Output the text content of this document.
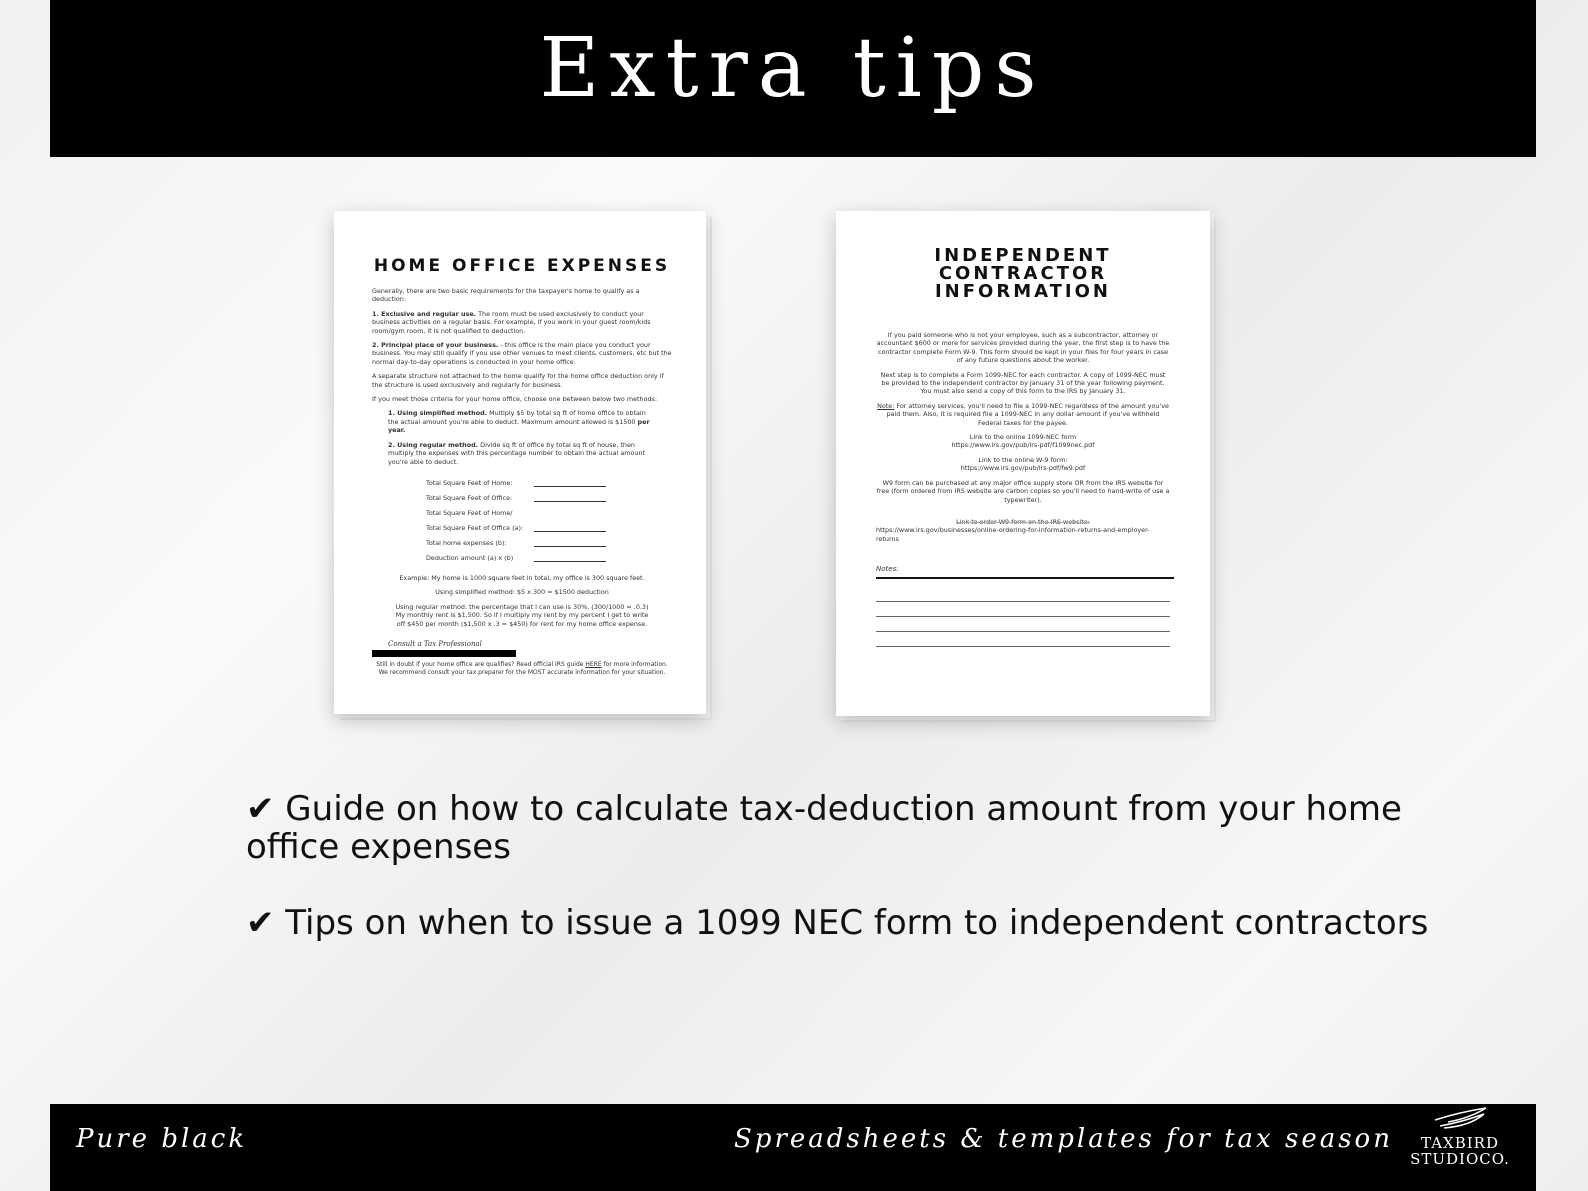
Extra tips
HOME OFFICE EXPENSES

Generally, there are two basic requirements for the taxpayer's home to qualify as a deduction:

1. Exclusive and regular use. The room must be used exclusively to conduct your business activities on a regular basis. For example, if you work in your guest room/kids room/gym room, it is not qualified to deduction.

2. Principal place of your business. - this office is the main place you conduct your business. You may still qualify if you use other venues to meet clients, customers, etc but the normal day-to-day operations is conducted in your home office.

A separate structure not attached to the home qualify for the home office deduction only if the structure is used exclusively and regularly for business.

If you meet those criteria for your home office, choose one between below two methods:

1. Using simplified method. Multiply $5 by total sq ft of home office to obtain the actual amount you're able to deduct. Maximum amount allowed is $1500 per year.

2. Using regular method. Divide sq ft of office by total sq ft of house, then multiply the expenses with this percentage number to obtain the actual amount you're able to deduct.

Total Square Feet of Home:
Total Square Feet of Office:
Total Square Feet of Home/
Total Square Feet of Office (a):
Total home expenses (b):
Deduction amount (a) x (b)

Example: My home is 1000 square feet in total, my office is 300 square feet.

Using simplified method: $5 x 300 = $1500 deduction

Using regular method: the percentage that I can use is 30%. (300/1000 = .0.3) My monthly rent is $1,500. So if I multiply my rent by my percent I get to write off $450 per month ($1,500 x .3 = $450) for rent for my home office expense.

Consult a Tax Professional
Still in doubt if your home office are qualifies? Read official IRS guide HERE for more information.
We recommend consult your tax preparer for the MOST accurate information for your situation.
INDEPENDENT
CONTRACTOR
INFORMATION

If you paid someone who is not your employee, such as a subcontractor, attorney or accountant $600 or more for services provided during the year, the first step is to have the contractor complete Form W-9. This form should be kept in your files for four years in case of any future questions about the worker.

Next step is to complete a Form 1099-NEC for each contractor. A copy of 1099-NEC must be provided to the independent contractor by January 31 of the year following payment. You must also send a copy of this form to the IRS by January 31.

Note: For attorney services, you'll need to file a 1099-NEC regardless of the amount you've paid them. Also, it is required file a 1099-NEC in any dollar amount if you've withheld Federal taxes for the payee.

Link to the online 1099-NEC form
https://www.irs.gov/pub/irs-pdf/f1099nec.pdf

Link to the online W-9 form:
https://www.irs.gov/pub/irs-pdf/fw9.pdf

W9 form can be purchased at any major office supply store OR from the IRS website for free (form ordered from IRS website are carbon copies so you'll need to hand-write of use a typewriter).

Link to order W9 form on the IRS website:
https://www.irs.gov/businesses/online-ordering-for-information-returns-and-employer-returns

Notes:
✔ Guide on how to calculate tax-deduction amount from your home office expenses
✔ Tips on when to issue a 1099 NEC form to independent contractors
Pure black	Spreadsheets & templates for tax season	TAXBIRD
STUDIOCO.
